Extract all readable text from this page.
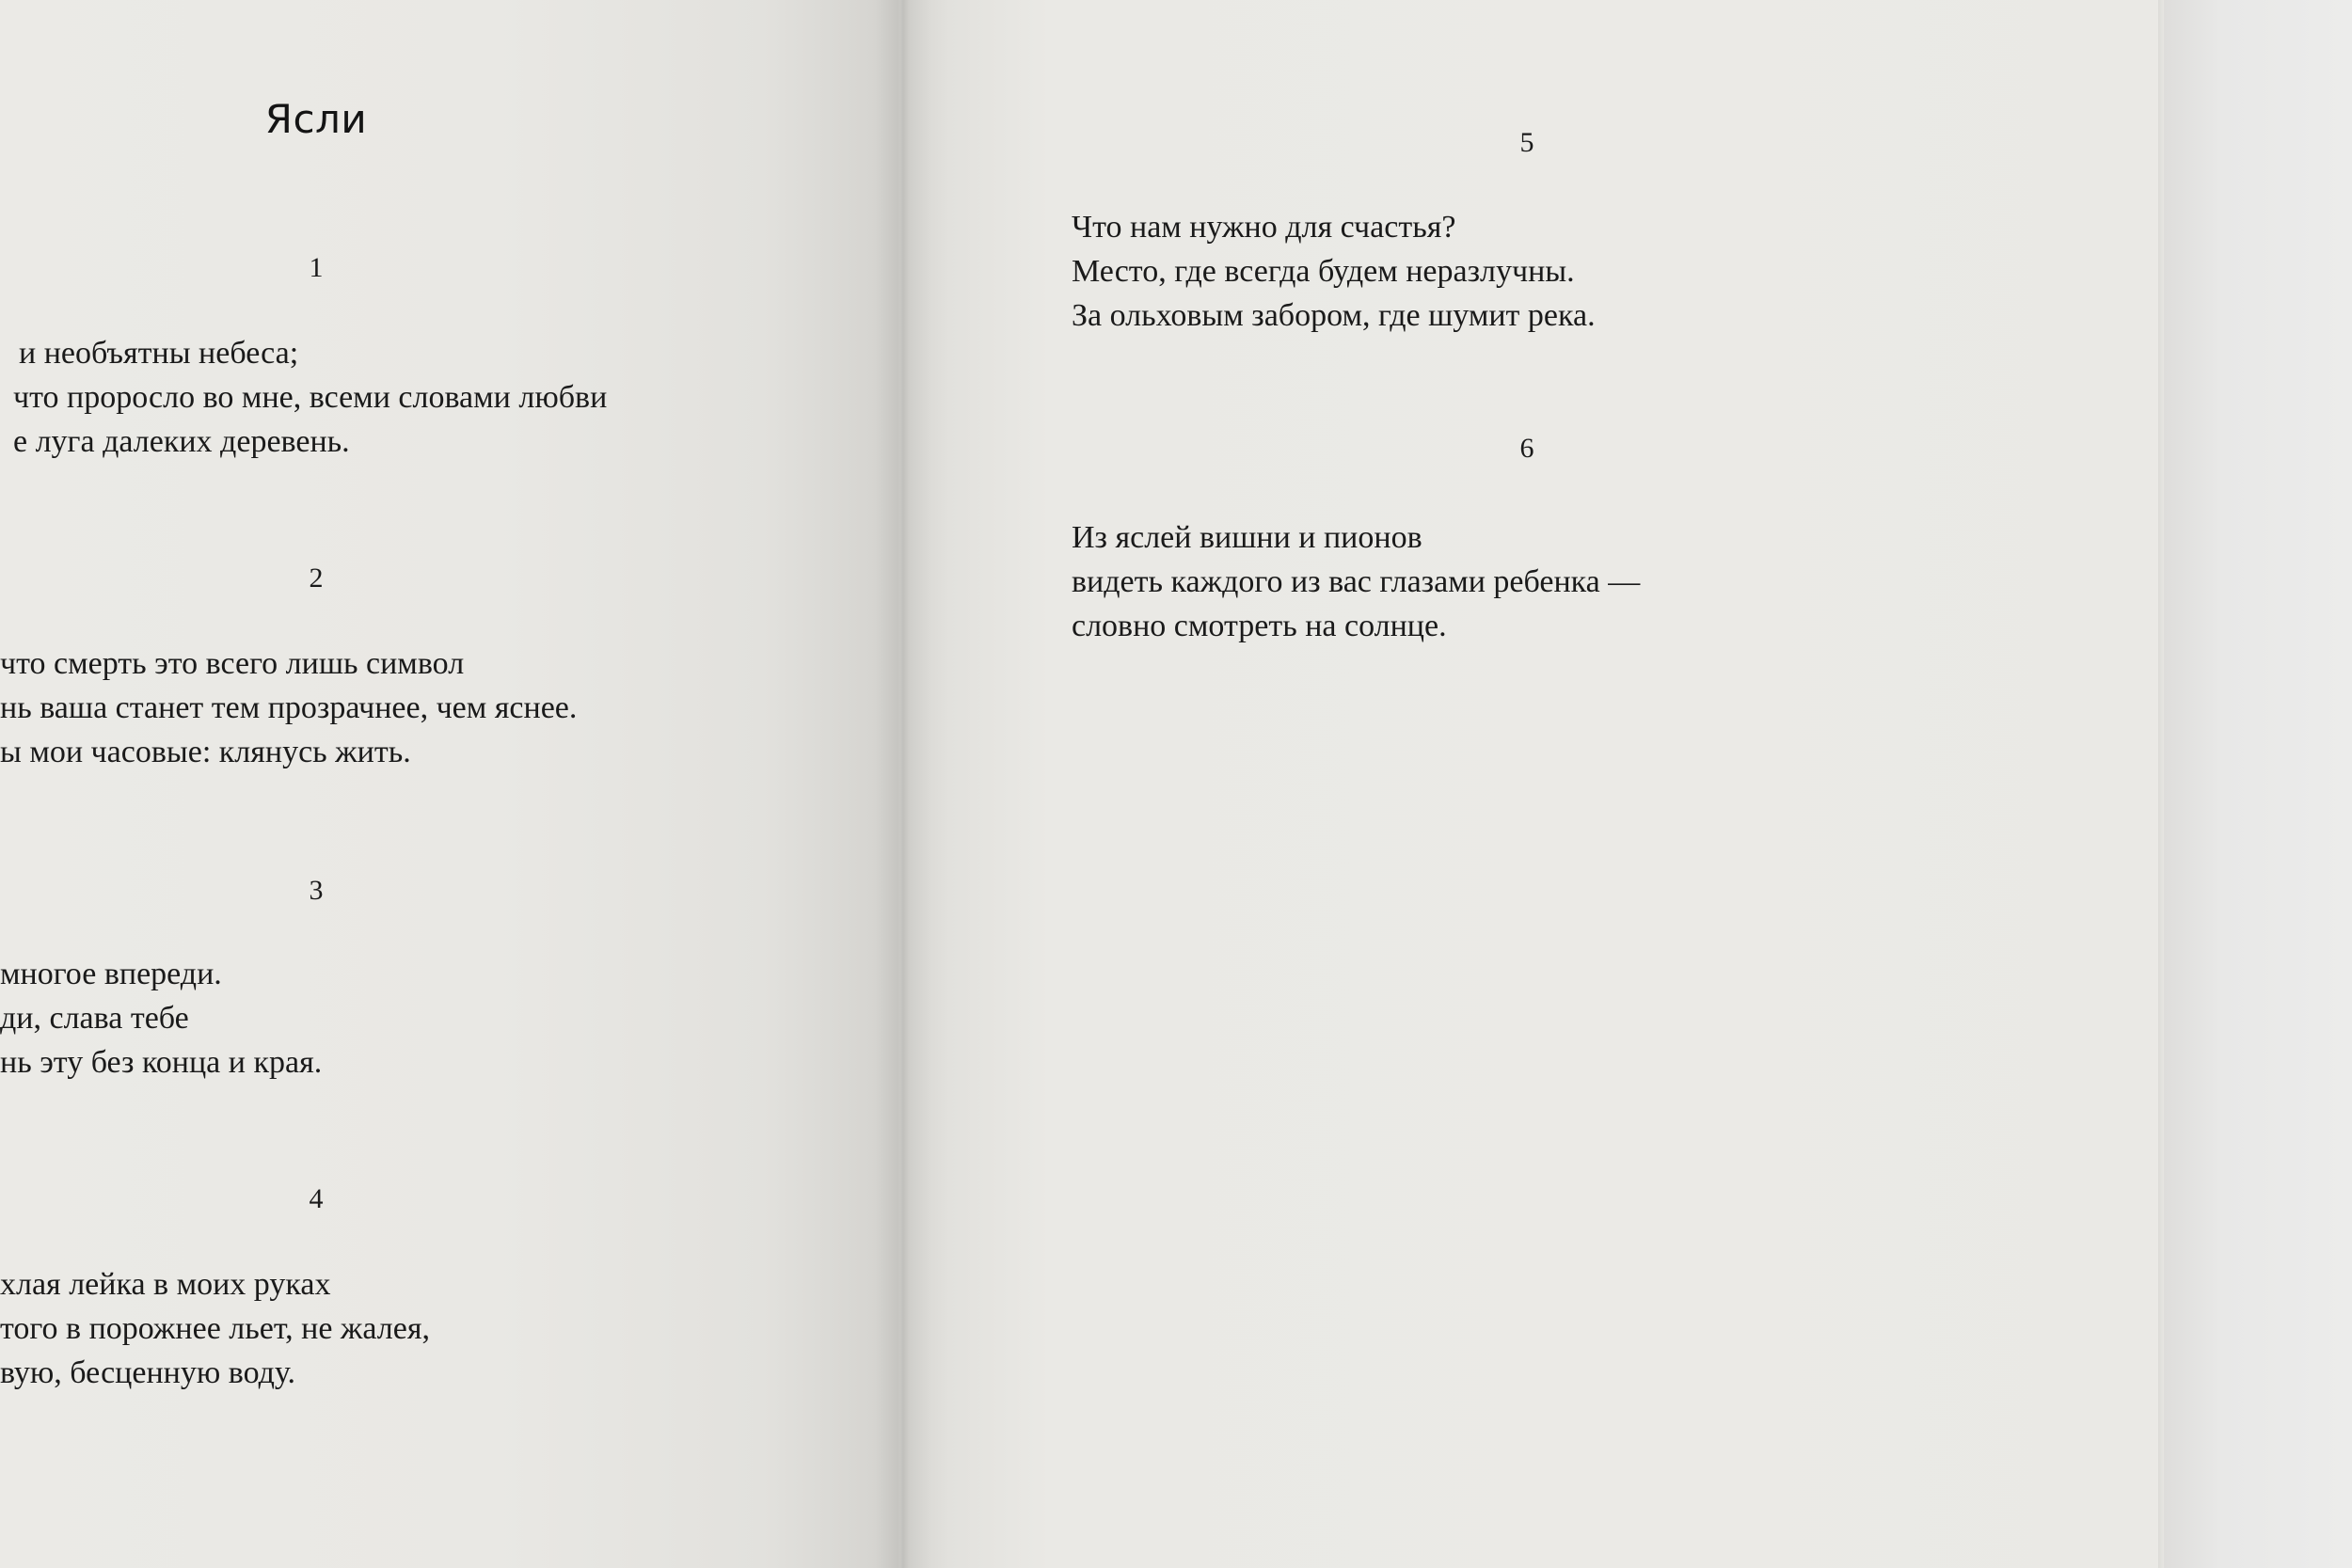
Ясли
1
и необъятны небеса;
что проросло во мне, всеми словами любви
е луга далеких деревень.
2
что смерть это всего лишь символ
нь ваша станет тем прозрачнее, чем яснее.
ы мои часовые: клянусь жить.
3
многое впереди.
ди, слава тебе
нь эту без конца и края.
4
хлая лейка в моих руках
того в порожнее льет, не жалея,
вую, бесценную воду.
5
Что нам нужно для счастья?
Место, где всегда будем неразлучны.
За ольховым забором, где шумит река.
6
Из яслей вишни и пионов
видеть каждого из вас глазами ребенка —
словно смотреть на солнце.
